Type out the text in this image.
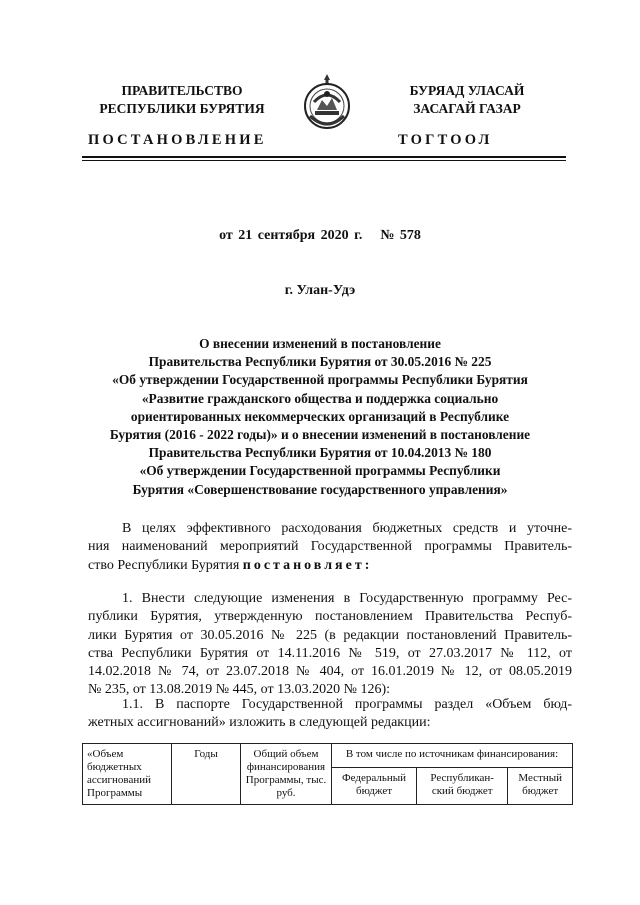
ПРАВИТЕЛЬСТВО
РЕСПУБЛИКИ БУРЯТИЯ
БУРЯАД УЛАСАЙ
ЗАСАГАЙ ГАЗАР
ПОСТАНОВЛЕНИЕ	ТОГТООЛ
от 21 сентября 2020 г. № 578
г. Улан-Удэ
О внесении изменений в постановление
Правительства Республики Бурятия от 30.05.2016 № 225
«Об утверждении Государственной программы Республики Бурятия
«Развитие гражданского общества и поддержка социально
ориентированных некоммерческих организаций в Республике
Бурятия (2016 - 2022 годы)» и о внесении изменений в постановление
Правительства Республики Бурятия от 10.04.2013 № 180
«Об утверждении Государственной программы Республики
Бурятия «Совершенствование государственного управления»
В целях эффективного расходования бюджетных средств и уточне-
ния наименований мероприятий Государственной программы Правитель-
ство Республики Бурятия постановляет:
1. Внести следующие изменения в Государственную программу Рес-
публики Бурятия, утвержденную постановлением Правительства Респуб-
лики Бурятия от 30.05.2016 № 225 (в редакции постановлений Правитель-
ства Республики Бурятия от 14.11.2016 № 519, от 27.03.2017 № 112, от
14.02.2018 № 74, от 23.07.2018 № 404, от 16.01.2019 № 12, от 08.05.2019
№ 235, от 13.08.2019 № 445, от 13.03.2020 № 126):
1.1. В паспорте Государственной программы раздел «Объем бюд-
жетных ассигнований» изложить в следующей редакции:
«Объем бюджетных ассигнований Программы	Годы	Общий объем финансирования Программы, тыс. руб.	В том числе по источникам финансирования:		
			Федеральный бюджет	Республикан-ский бюджет	Местный бюджет
